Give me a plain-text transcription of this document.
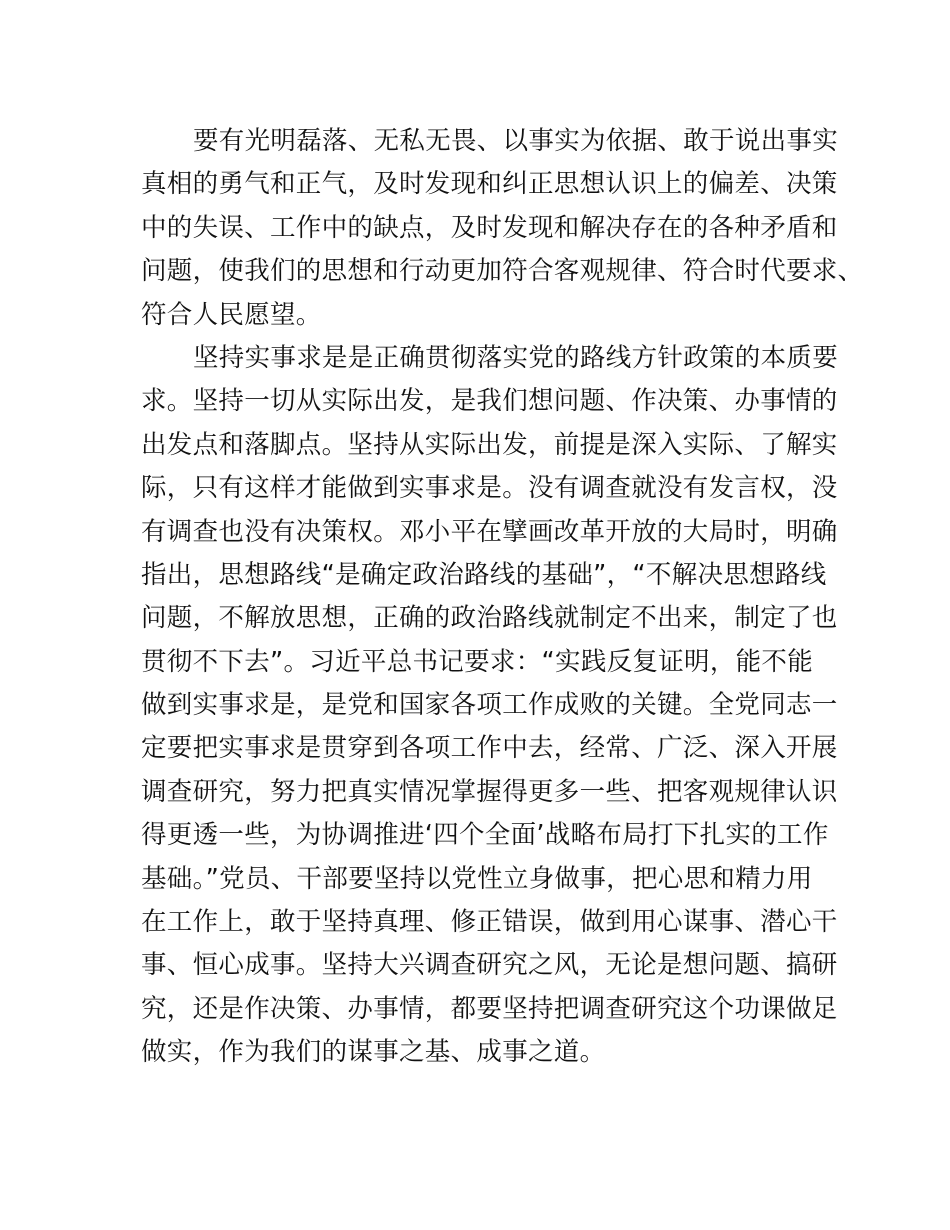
要有光明磊落、无私无畏、以事实为依据、敢于说出事实
真相的勇气和正气，及时发现和纠正思想认识上的偏差、决策
中的失误、工作中的缺点，及时发现和解决存在的各种矛盾和
问题，使我们的思想和行动更加符合客观规律、符合时代要求、
符合人民愿望。
坚持实事求是是正确贯彻落实党的路线方针政策的本质要
求。坚持一切从实际出发，是我们想问题、作决策、办事情的
出发点和落脚点。坚持从实际出发，前提是深入实际、了解实
际，只有这样才能做到实事求是。没有调查就没有发言权，没
有调查也没有决策权。邓小平在擘画改革开放的大局时，明确
指出，思想路线“是确定政治路线的基础”，“不解决思想路线
问题，不解放思想，正确的政治路线就制定不出来，制定了也
贯彻不下去”。习近平总书记要求：“实践反复证明，能不能
做到实事求是，是党和国家各项工作成败的关键。全党同志一
定要把实事求是贯穿到各项工作中去，经常、广泛、深入开展
调查研究，努力把真实情况掌握得更多一些、把客观规律认识
得更透一些，为协调推进‘四个全面’战略布局打下扎实的工作
基础。”党员、干部要坚持以党性立身做事，把心思和精力用
在工作上，敢于坚持真理、修正错误，做到用心谋事、潜心干
事、恒心成事。坚持大兴调查研究之风，无论是想问题、搞研
究，还是作决策、办事情，都要坚持把调查研究这个功课做足
做实，作为我们的谋事之基、成事之道。
